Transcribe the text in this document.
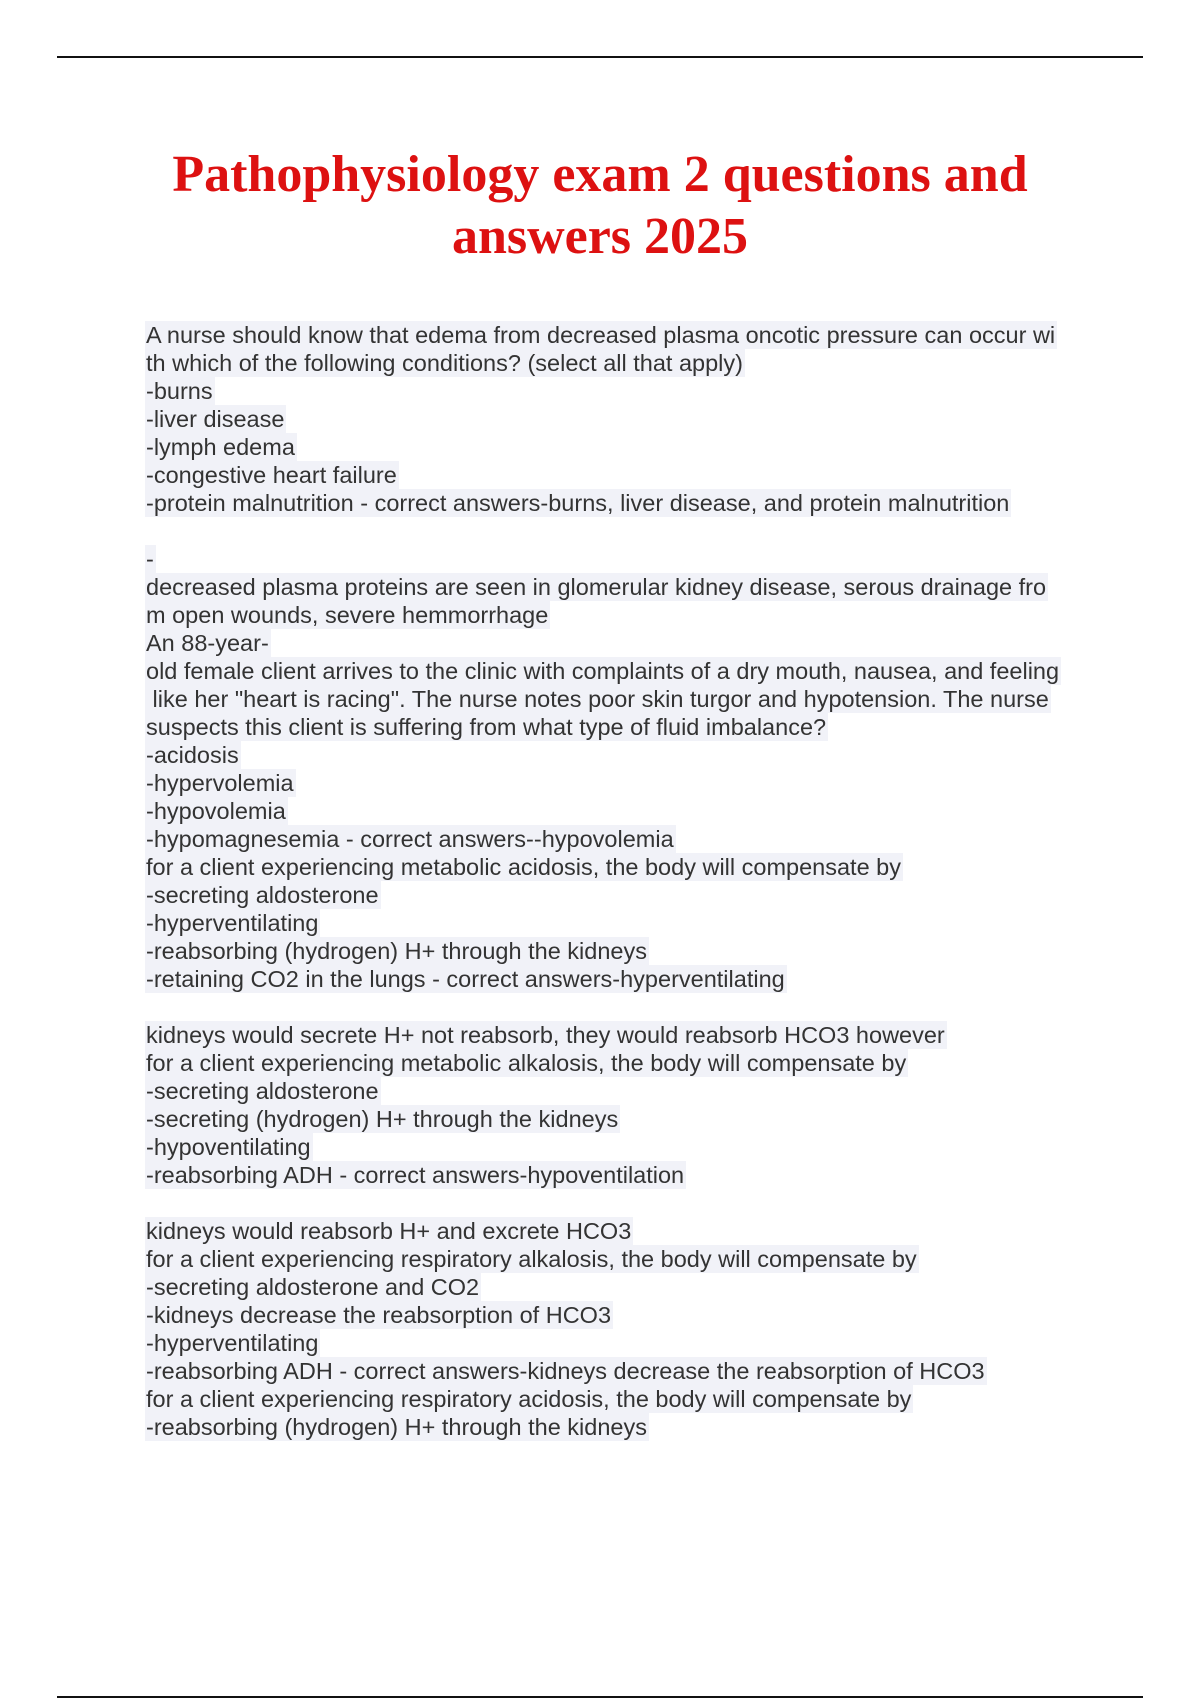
Pathophysiology exam 2 questions and
answers 2025
A nurse should know that edema from decreased plasma oncotic pressure can occur wi
th which of the following conditions? (select all that apply)
-burns
-liver disease
-lymph edema
-congestive heart failure
-protein malnutrition - correct answers-burns, liver disease, and protein malnutrition
-
decreased plasma proteins are seen in glomerular kidney disease, serous drainage fro
m open wounds, severe hemmorrhage
An 88-year-
old female client arrives to the clinic with complaints of a dry mouth, nausea, and feeling
like her "heart is racing". The nurse notes poor skin turgor and hypotension. The nurse
suspects this client is suffering from what type of fluid imbalance?
-acidosis
-hypervolemia
-hypovolemia
-hypomagnesemia - correct answers--hypovolemia
for a client experiencing metabolic acidosis, the body will compensate by
-secreting aldosterone
-hyperventilating
-reabsorbing (hydrogen) H+ through the kidneys
-retaining CO2 in the lungs - correct answers-hyperventilating
kidneys would secrete H+ not reabsorb, they would reabsorb HCO3 however
for a client experiencing metabolic alkalosis, the body will compensate by
-secreting aldosterone
-secreting (hydrogen) H+ through the kidneys
-hypoventilating
-reabsorbing ADH - correct answers-hypoventilation
kidneys would reabsorb H+ and excrete HCO3
for a client experiencing respiratory alkalosis, the body will compensate by
-secreting aldosterone and CO2
-kidneys decrease the reabsorption of HCO3
-hyperventilating
-reabsorbing ADH - correct answers-kidneys decrease the reabsorption of HCO3
for a client experiencing respiratory acidosis, the body will compensate by
-reabsorbing (hydrogen) H+ through the kidneys
